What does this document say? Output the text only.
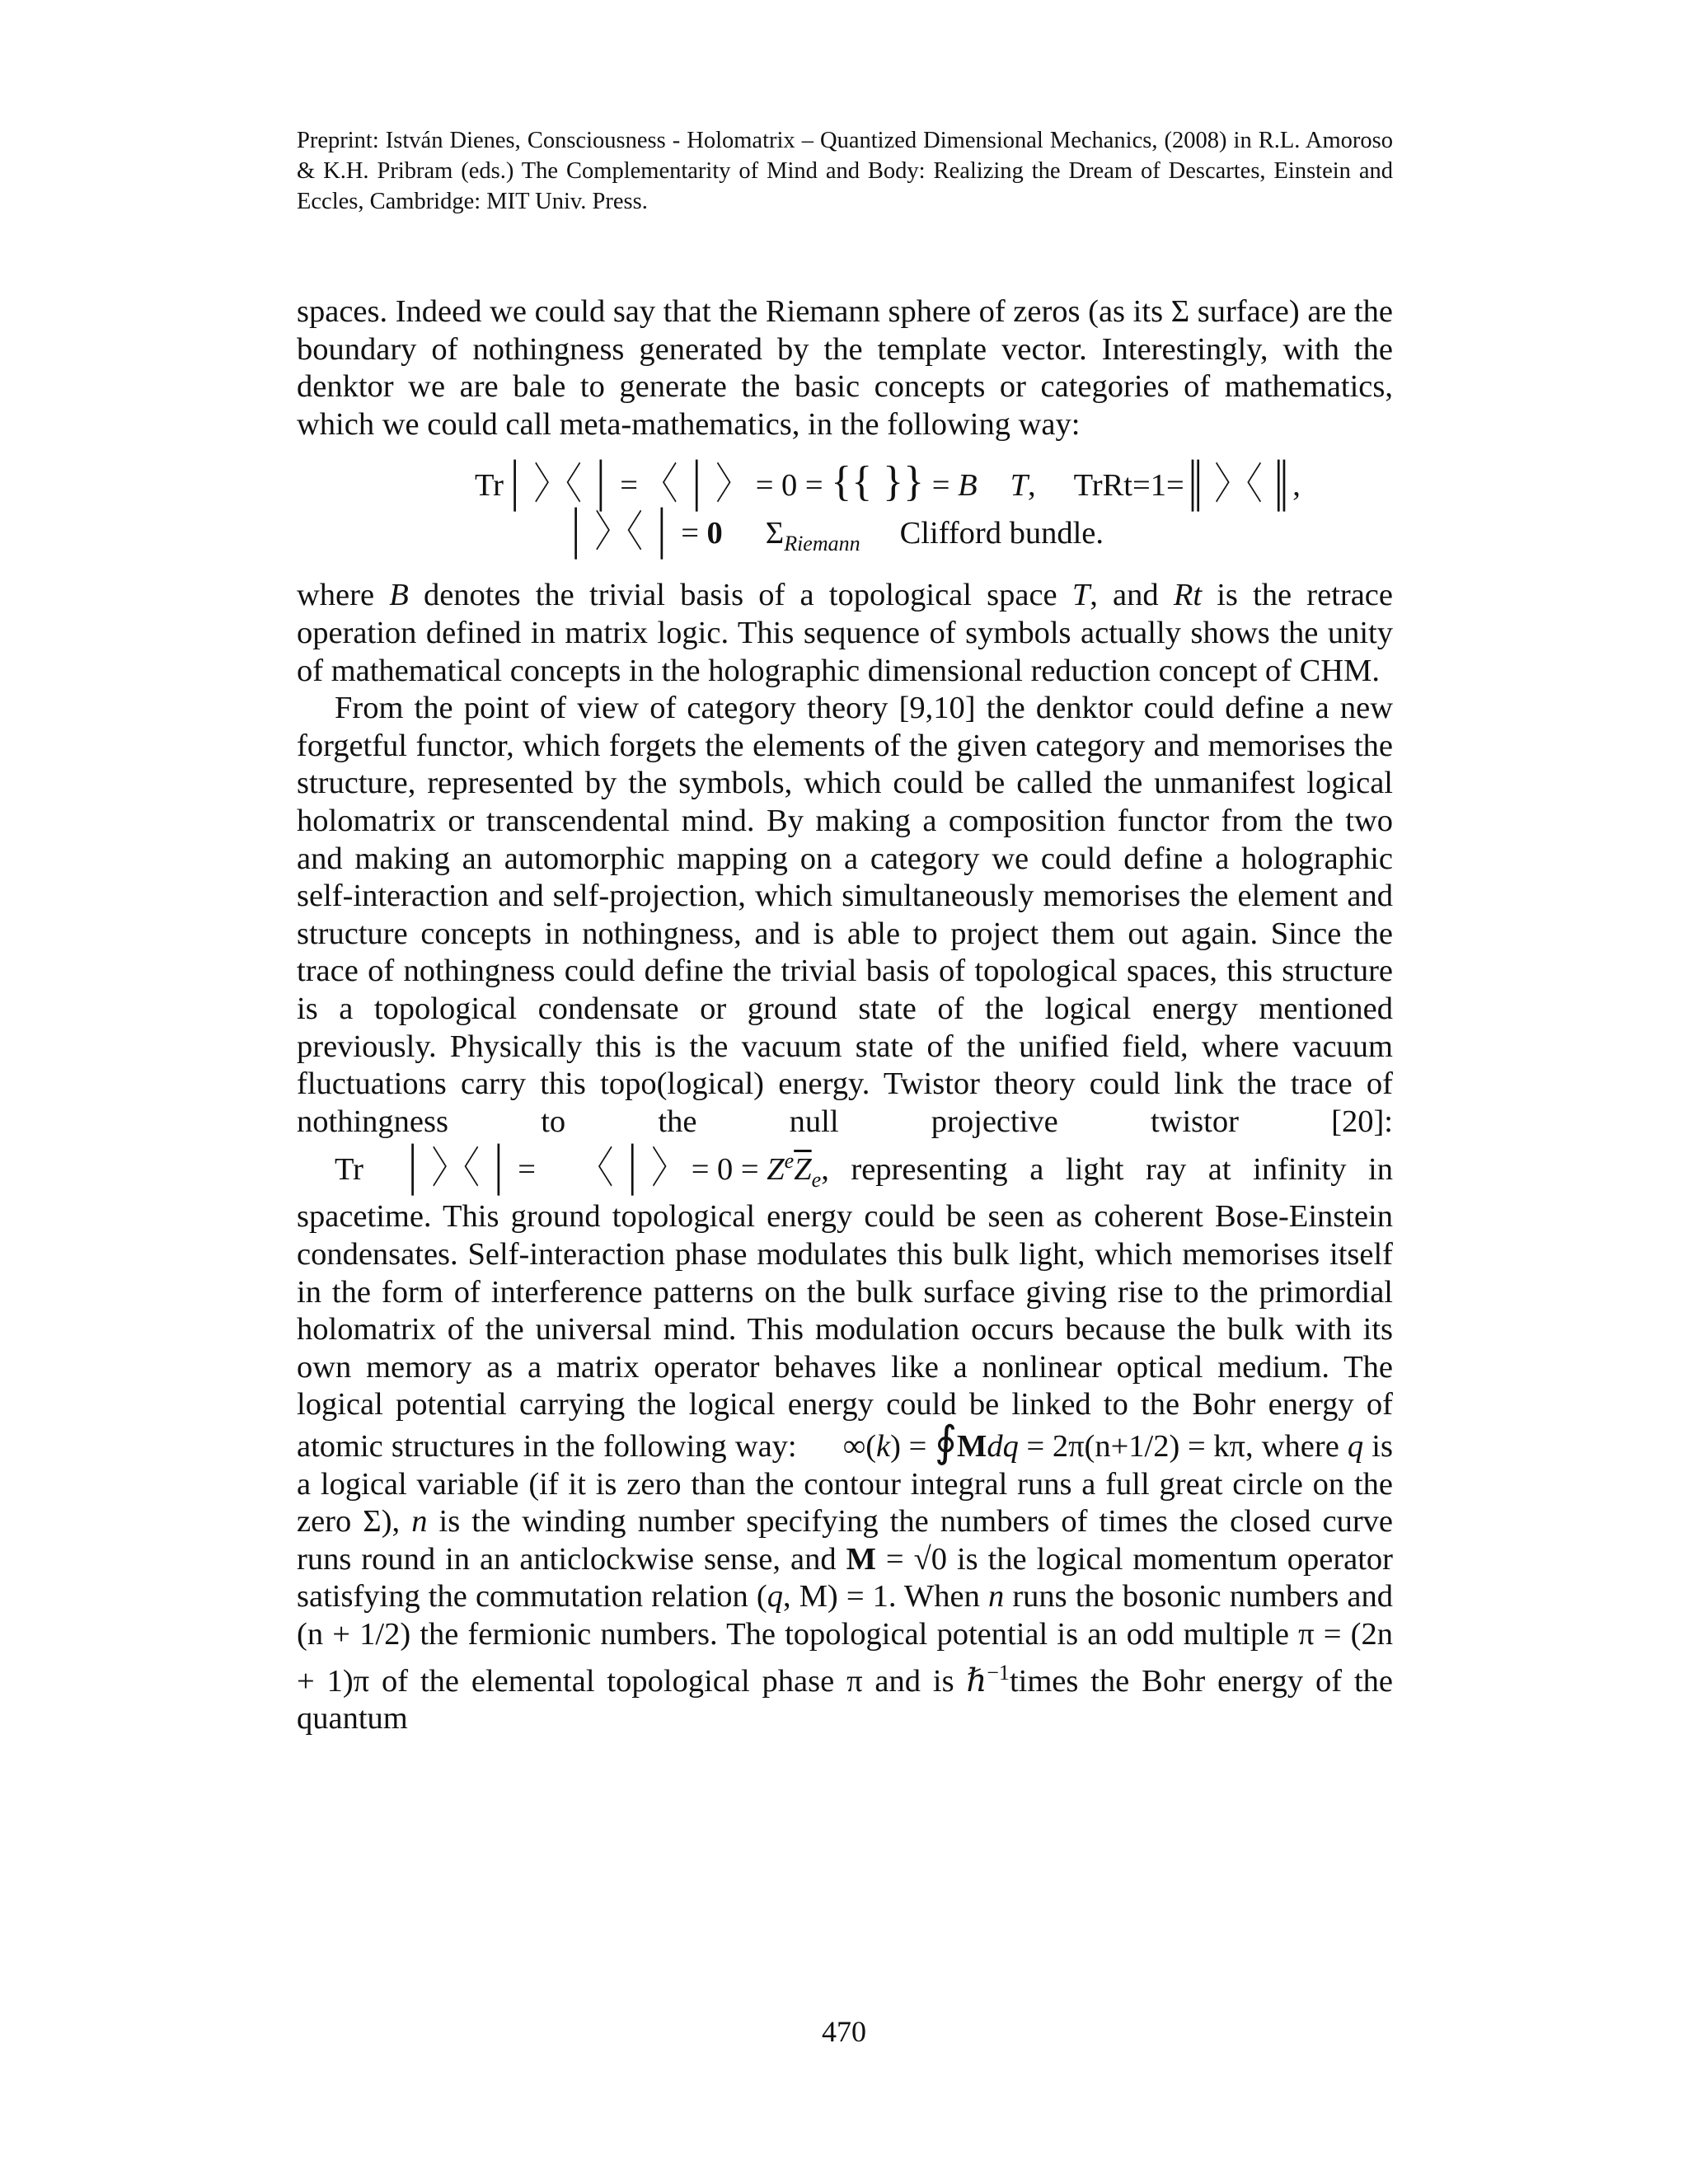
Preprint: István Dienes, Consciousness - Holomatrix – Quantized Dimensional Mechanics, (2008) in R.L. Amoroso & K.H. Pribram (eds.) The Complementarity of Mind and Body: Realizing the Dream of Descartes, Einstein and Eccles, Cambridge: MIT Univ. Press.

spaces. Indeed we could say that the Riemann sphere of zeros (as its Σ surface) are the boundary of nothingness generated by the template vector. Interestingly, with the denktor we are bale to generate the basic concepts or categories of mathematics, which we could call meta-mathematics, in the following way:

Tr│ 〉〈 │ = 〈 │ 〉 = 0 = {{ }} = B T, TrRt=1=║ 〉〈 ║,
│ 〉〈 │ = 0 $\Sigma_{Riemann}$ Clifford bundle.

where B denotes the trivial basis of a topological space T, and Rt is the retrace operation defined in matrix logic. This sequence of symbols actually shows the unity of mathematical concepts in the holographic dimensional reduction concept of CHM.

From the point of view of category theory [9,10] the denktor could define a new forgetful functor, which forgets the elements of the given category and memorises the structure, represented by the symbols, which could be called the unmanifest logical holomatrix or transcendental mind. By making a composition functor from the two and making an automorphic mapping on a category we could define a holographic self-interaction and self-projection, which simultaneously memorises the element and structure concepts in nothingness, and is able to project them out again. Since the trace of nothingness could define the trivial basis of topological spaces, this structure is a topological condensate or ground state of the logical energy mentioned previously. Physically this is the vacuum state of the unified field, where vacuum fluctuations carry this topo(logical) energy. Twistor theory could link the trace of nothingness to the null projective twistor [20]: Tr │ 〉〈 │ = 〈 │ 〉 = $0 = Z^e\overline{Z}_e$, representing a light ray at infinity in spacetime. This ground topological energy could be seen as coherent Bose-Einstein condensates. Self-interaction phase modulates this bulk light, which memorises itself in the form of interference patterns on the bulk surface giving rise to the primordial holomatrix of the universal mind. This modulation occurs because the bulk with its own memory as a matrix operator behaves like a nonlinear optical medium. The logical potential carrying the logical energy could be linked to the Bohr energy of atomic structures in the following way: ∞(k) = ∮Mdq = 2π(n+1/2) = kπ, where q is a logical variable (if it is zero than the contour integral runs a full great circle on the zero Σ), n is the winding number specifying the numbers of times the closed curve runs round in an anticlockwise sense, and M = √0 is the logical momentum operator satisfying the commutation relation (q, M) = 1. When n runs the bosonic numbers and (n + 1/2) the fermionic numbers. The topological potential is an odd multiple π = (2n + 1)π of the elemental topological phase π and is ℏ$^{-1}$times the Bohr energy of the quantum

470
